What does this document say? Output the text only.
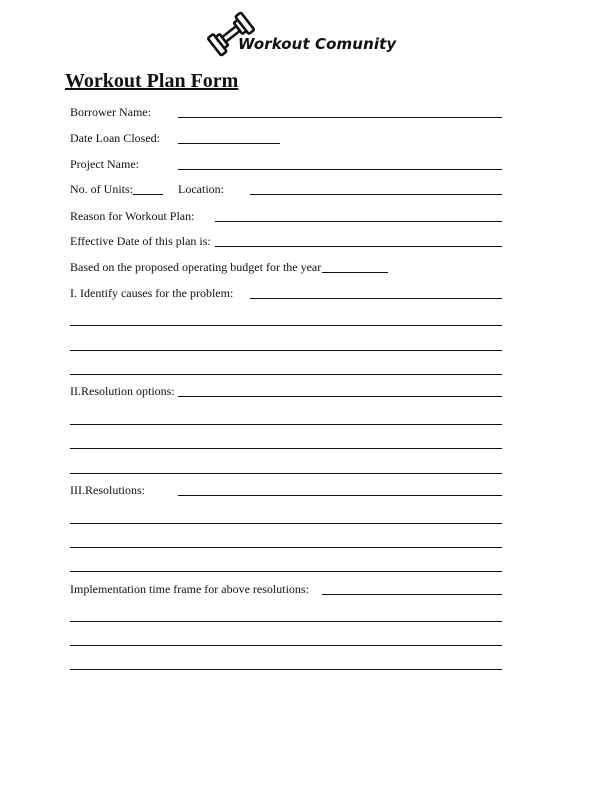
Workout Comunity
Workout Plan Form
Borrower Name:
Date Loan Closed:
Project Name:
No. of Units:	Location:
Reason for Workout Plan:
Effective Date of this plan is:
Based on the proposed operating budget for the year
I. Identify causes for the problem:
II.Resolution options:
III.Resolutions:
Implementation time frame for above resolutions:
